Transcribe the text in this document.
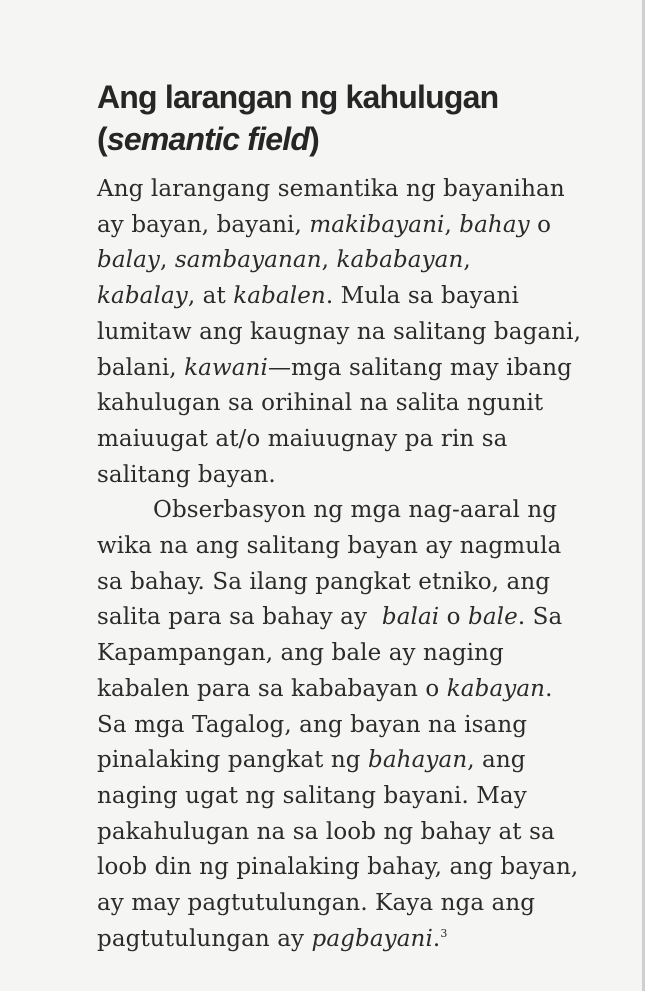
Ang larangan ng kahulugan
(semantic field)
Ang larangang semantika ng bayanihan
ay bayan, bayani, makibayani, bahay o
balay, sambayanan, kababayan,
kabalay, at kabalen. Mula sa bayani
lumitaw ang kaugnay na salitang bagani,
balani, kawani—mga salitang may ibang
kahulugan sa orihinal na salita ngunit
maiuugat at/o maiuugnay pa rin sa
salitang bayan.
Obserbasyon ng mga nag-aaral ng
wika na ang salitang bayan ay nagmula
sa bahay. Sa ilang pangkat etniko, ang
salita para sa bahay ay  balai o bale. Sa
Kapampangan, ang bale ay naging
kabalen para sa kababayan o kabayan.
Sa mga Tagalog, ang bayan na isang
pinalaking pangkat ng bahayan, ang
naging ugat ng salitang bayani. May
pakahulugan na sa loob ng bahay at sa
loob din ng pinalaking bahay, ang bayan,
ay may pagtutulungan. Kaya nga ang
pagtutulungan ay pagbayani.$^3$
